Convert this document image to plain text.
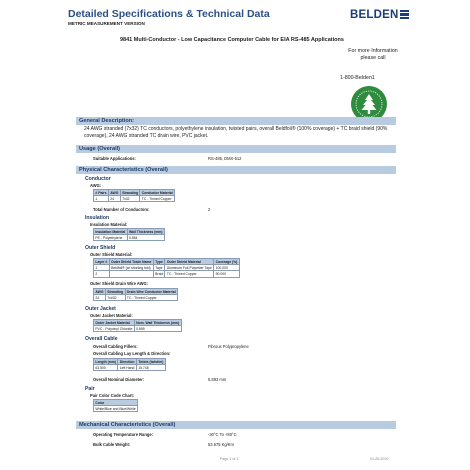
Detailed Specifications & Technical Data
METRIC MEASUREMENT VERSION
BELDEN
9841 Multi-Conductor - Low Capacitance Computer Cable for EIA RS-485 Applications
For more Information
please call
1-800-Belden1
General Description:
24 AWG stranded (7x32) TC conductors, polyethylene insulation, twisted pairs, overall Beldfoil® (100% coverage) + TC braid shield (90% coverage), 24 AWG stranded TC drain wire, PVC jacket.
Usage (Overall)
Suitable Applications:	RS-485, DMX-512
Physical Characteristics (Overall)
Conductor
AWG:
# Pairs	AWG	Stranding	Conductor Material
1	24	7x32	TC - Tinned Copper
Total Number of Conductors:	2
Insulation
Insulation Material:
Insulation Material	Wall Thickness (mm)
PE - Polyethylene	0.584
Outer Shield
Outer Shield Material:
Layer #	Outer Shield Trade Name	Type	Outer Shield Material	Coverage (%)
1	Beldfoil® (w/ shorting fold)	Tape	Aluminum Foil-Polyester Tape	100.000
2		Braid	TC - Tinned Copper	90.000
Outer Shield Drain Wire AWG:
AWG	Stranding	Drain Wire Conductor Material
24	7x#32	TC - Tinned Copper
Outer Jacket
Outer Jacket Material:
Outer Jacket Material	Nom. Wall Thickness (mm)
PVC - Polyvinyl Chloride	0.889
Overall Cable
Overall Cabling Fillers:	Fibrous Polypropylene
Overall Cabling Lay Length & Direction:
Length (mm)	Direction	Twists (twist/m)
63.500	Left Hand	15.748
Overall Nominal Diameter:	5.893 mm
Pair
Pair Color Code Chart:
Color
White/Blue and Blue/White
Mechanical Characteristics (Overall)
Operating Temperature Range:	-30°C To +80°C
Bulk Cable Weight:	53.575 Kg/Km
Page 1 of 3	01-26-2010
